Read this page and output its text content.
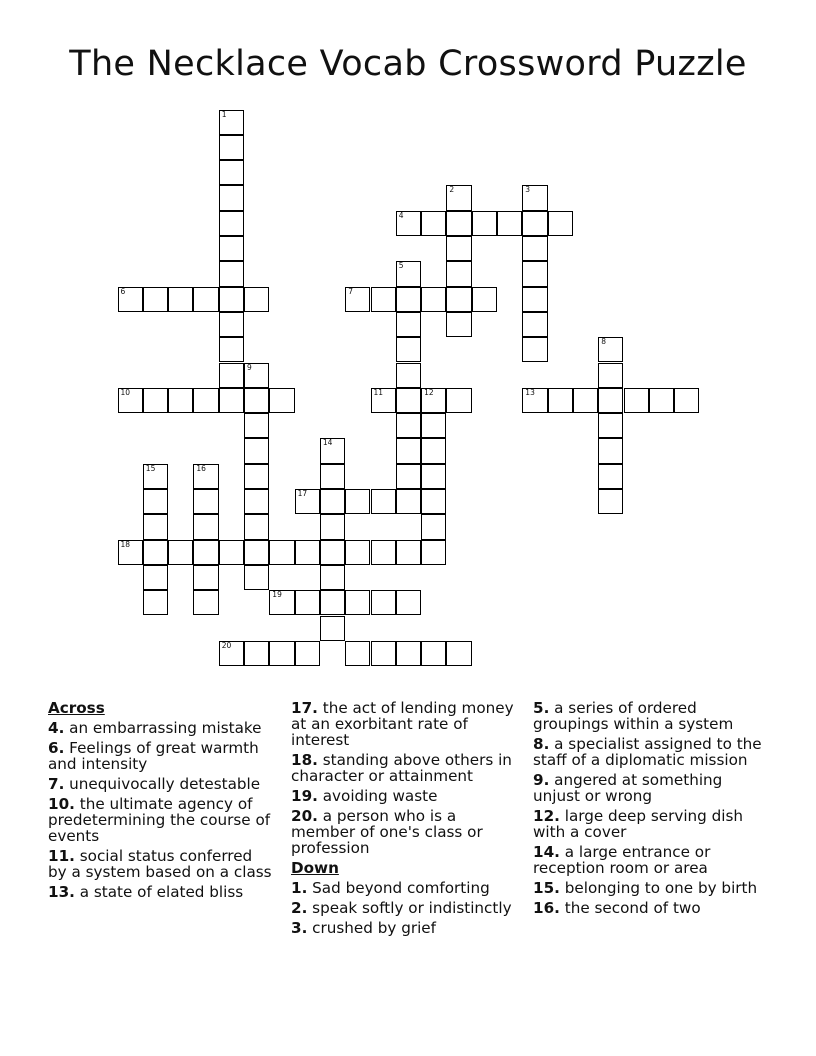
The Necklace Vocab Crossword Puzzle
1
2	3
4
5
6	7
8
9
10	11	12	13
14
15	16
17
18
19
20
Across
4. an embarrassing mistake
6. Feelings of great warmth and intensity
7. unequivocally detestable
10. the ultimate agency of predetermining the course of events
11. social status conferred by a system based on a class
13. a state of elated bliss
17. the act of lending money at an exorbitant rate of interest
18. standing above others in character or attainment
19. avoiding waste
20. a person who is a member of one's class or profession
Down
1. Sad beyond comforting
2. speak softly or indistinctly
3. crushed by grief
5. a series of ordered groupings within a system
8. a specialist assigned to the staff of a diplomatic mission
9. angered at something unjust or wrong
12. large deep serving dish with a cover
14. a large entrance or reception room or area
15. belonging to one by birth
16. the second of two
